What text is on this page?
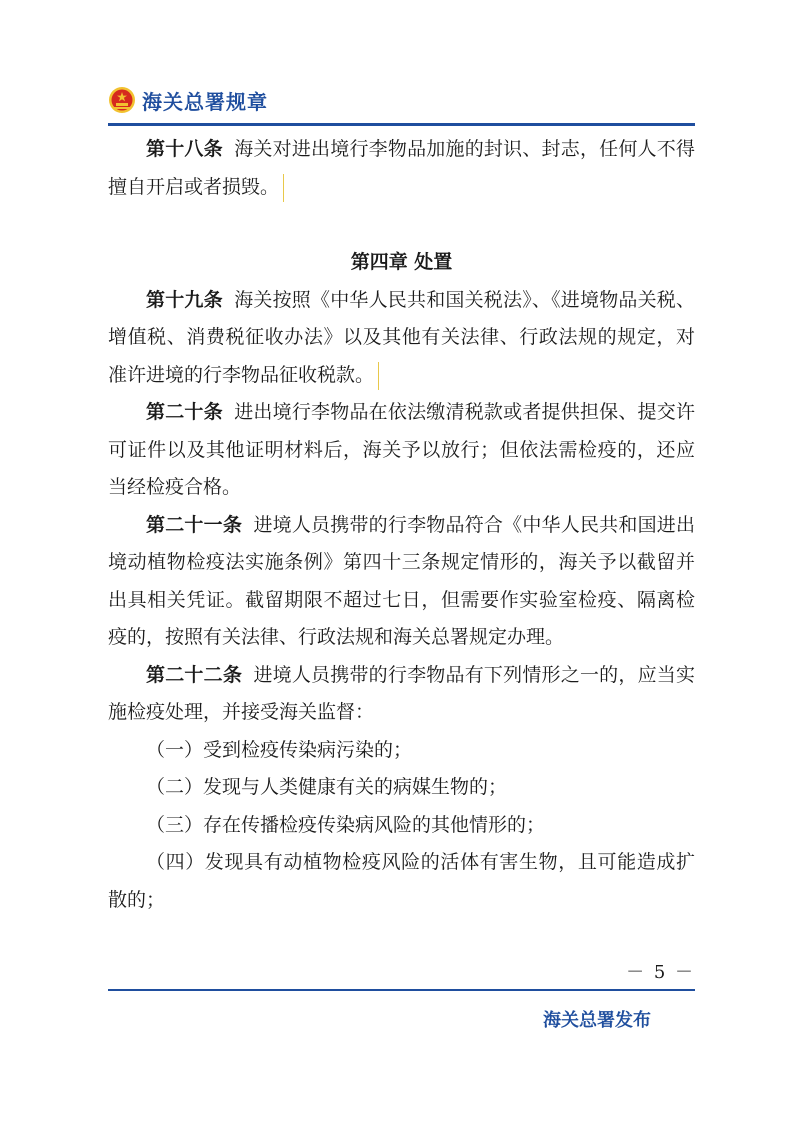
海关总署规章

第十八条 海关对进出境行李物品加施的封识、封志，任何人不得擅自开启或者损毁。

第四章 处置

第十九条 海关按照《中华人民共和国关税法》、《进境物品关税、增值税、消费税征收办法》以及其他有关法律、行政法规的规定，对准许进境的行李物品征收税款。

第二十条 进出境行李物品在依法缴清税款或者提供担保、提交许可证件以及其他证明材料后，海关予以放行；但依法需检疫的，还应当经检疫合格。

第二十一条 进境人员携带的行李物品符合《中华人民共和国进出境动植物检疫法实施条例》第四十三条规定情形的，海关予以截留并出具相关凭证。截留期限不超过七日，但需要作实验室检疫、隔离检疫的，按照有关法律、行政法规和海关总署规定办理。

第二十二条 进境人员携带的行李物品有下列情形之一的，应当实施检疫处理，并接受海关监督：

（一）受到检疫传染病污染的；

（二）发现与人类健康有关的病媒生物的；

（三）存在传播检疫传染病风险的其他情形的；

（四）发现具有动植物检疫风险的活体有害生物，且可能造成扩散的；

－ 5 －
海关总署发布
